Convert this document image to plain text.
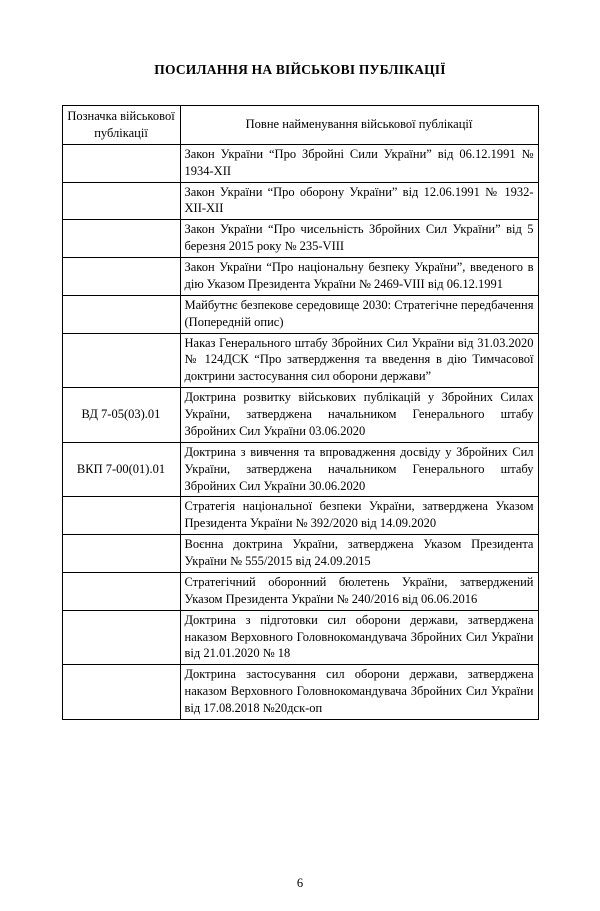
ПОСИЛАННЯ НА ВІЙСЬКОВІ ПУБЛІКАЦІЇ
Позначка військової публікації	Повне найменування військової публікації
	Закон України “Про Збройні Сили України” від 06.12.1991 № 1934-XII
	Закон України “Про оборону України” від 12.06.1991 № 1932-XII-XII
	Закон України “Про чисельність Збройних Сил України” від 5 березня 2015 року № 235-VIII
	Закон України “Про національну безпеку України”, введеного в дію Указом Президента України № 2469-VIII від 06.12.1991
	Майбутнє безпекове середовище 2030: Стратегічне передбачення (Попередній опис)
	Наказ Генерального штабу Збройних Сил України від 31.03.2020 № 124ДСК “Про затвердження та введення в дію Тимчасової доктрини застосування сил оборони держави”
ВД 7-05(03).01	Доктрина розвитку військових публікацій у Збройних Силах України, затверджена начальником Генерального штабу Збройних Сил України 03.06.2020
ВКП 7-00(01).01	Доктрина з вивчення та впровадження досвіду у Збройних Сил України, затверджена начальником Генерального штабу Збройних Сил України 30.06.2020
	Стратегія національної безпеки України, затверджена Указом Президента України № 392/2020 від 14.09.2020
	Воєнна доктрина України, затверджена Указом Президента України № 555/2015 від 24.09.2015
	Стратегічний оборонний бюлетень України, затверджений Указом Президента України № 240/2016 від 06.06.2016
	Доктрина з підготовки сил оборони держави, затверджена наказом Верховного Головнокомандувача Збройних Сил України від 21.01.2020 № 18
	Доктрина застосування сил оборони держави, затверджена наказом Верховного Головнокомандувача Збройних Сил України від 17.08.2018 №20дск-оп
6
